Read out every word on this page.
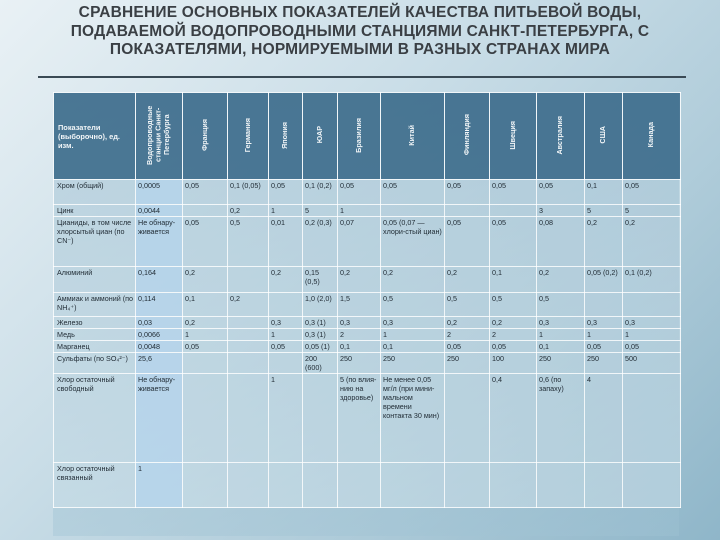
СРАВНЕНИЕ ОСНОВНЫХ ПОКАЗАТЕЛЕЙ КАЧЕСТВА ПИТЬЕВОЙ ВОДЫ,
ПОДАВАЕМОЙ ВОДОПРОВОДНЫМИ СТАНЦИЯМИ САНКТ-ПЕТЕРБУРГА, С
ПОКАЗАТЕЛЯМИ, НОРМИРУЕМЫМИ В РАЗНЫХ СТРАНАХ МИРА
Показатели (выборочно), ед. изм.	Водопроводные станции Санкт-Петербурга	Франция	Германия	Япония	ЮАР	Бразилия	Китай	Финляндия	Швеция	Австралия	США	Канада
Хром (общий)	0,0005	0,05	0,1 (0,05)	0,05	0,1 (0,2)	0,05	0,05	0,05	0,05	0,05	0,1	0,05
Цинк	0,0044		0,2	1	5	1				3	5	5
Цианиды, в том числе хлорсытый циан (по CN⁻)	Не обнару-живается	0,05	0,5	0,01	0,2 (0,3)	0,07	0,05 (0,07 — хлори-стый циан)	0,05	0,05	0,08	0,2	0,2
Алюминий	0,164	0,2		0,2	0,15 (0,5)	0,2	0,2	0,2	0,1	0,2	0,05 (0,2)	0,1 (0,2)
Аммиак и аммоний (по NH₄⁺)	0,114	0,1	0,2		1,0 (2,0)	1,5	0,5	0,5	0,5	0,5		
Железо	0,03	0,2		0,3	0,3 (1)	0,3	0,3	0,2	0,2	0,3	0,3	0,3
Медь	0,0066	1		1	0,3 (1)	2	1	2	2	1	1	1
Марганец	0,0048	0,05		0,05	0,05 (1)	0,1	0,1	0,05	0,05	0,1	0,05	0,05
Сульфаты (по SO₄²⁻)	25,6				200 (600)	250	250	250	100	250	250	500
Хлор остаточный свободный	Не обнару-живается			1		5 (по влия-нию на здоровье)	Не менее 0,05 мг/л (при мини-мальном времени контакта 30 мин)		0,4	0,6 (по запаху)	4	
Хлор остаточный связанный	1											
